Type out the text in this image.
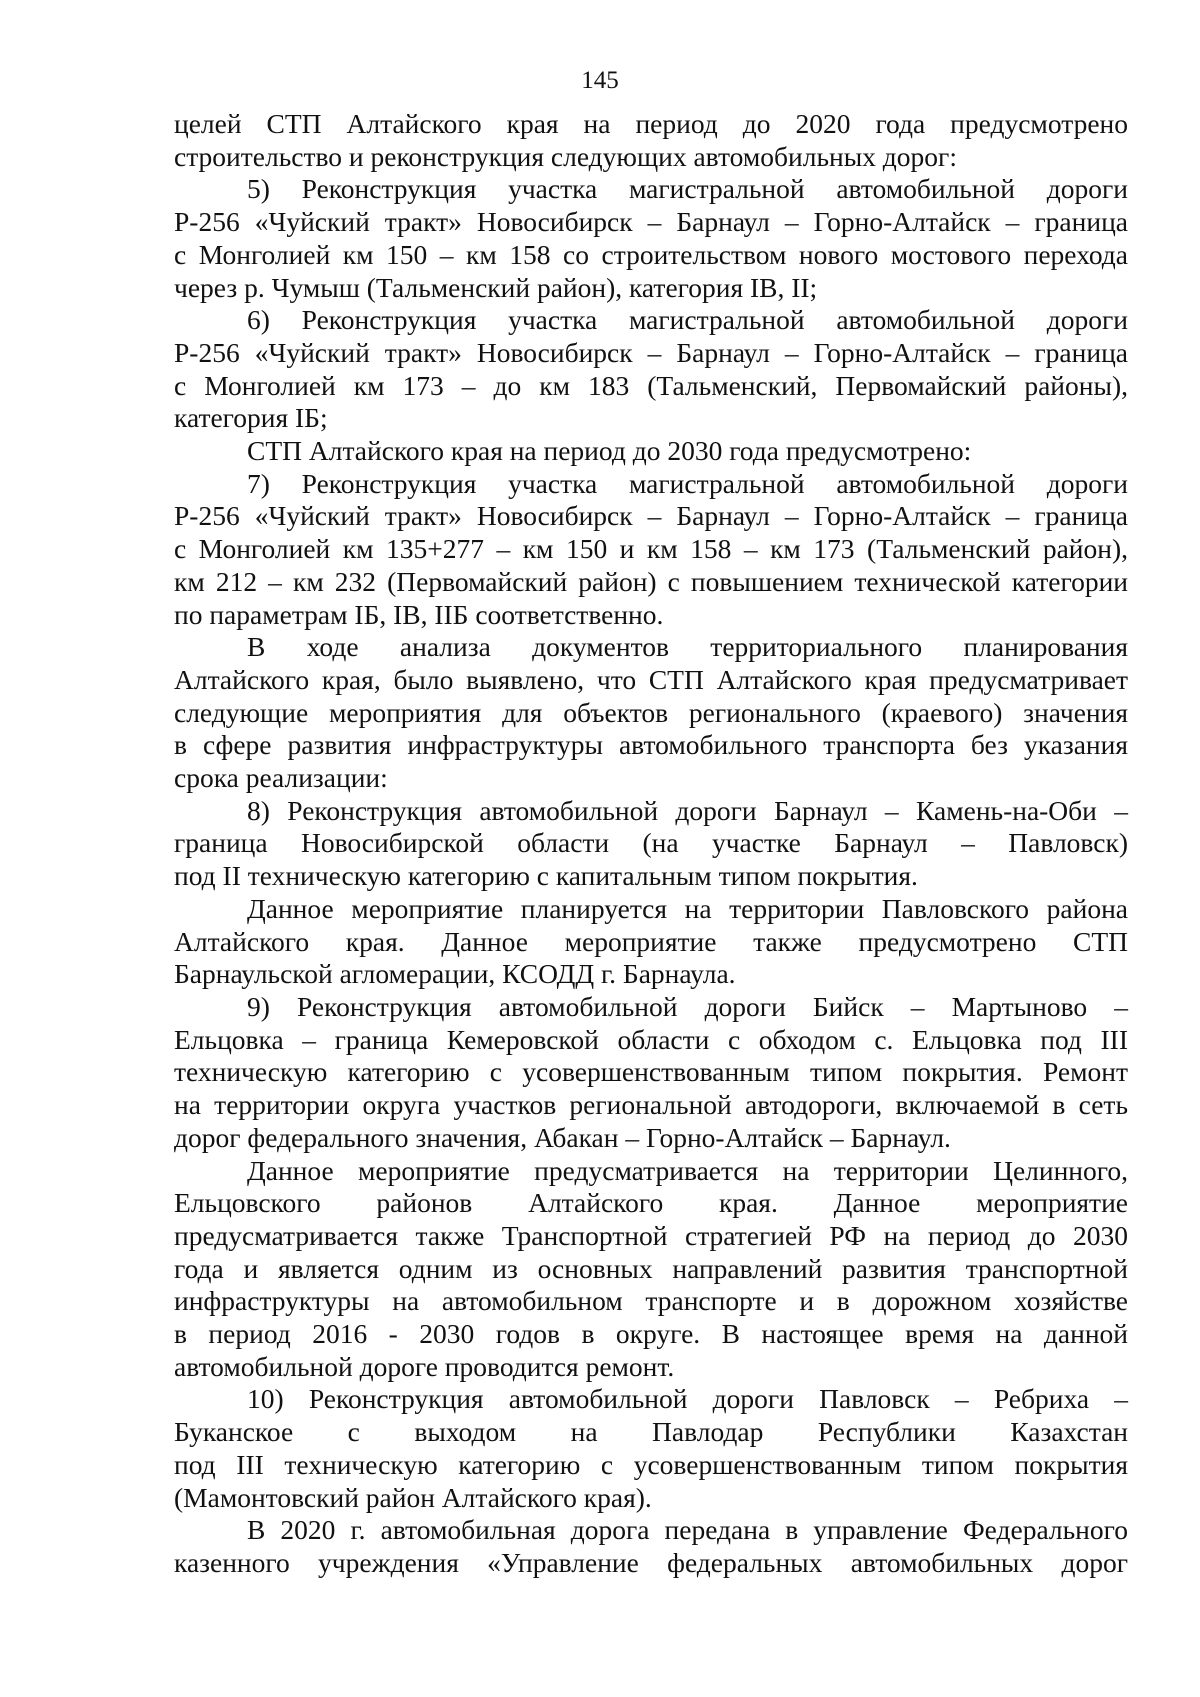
145
целей СТП Алтайского края на период до 2020 года предусмотрено
строительство и реконструкция следующих автомобильных дорог:
5) Реконструкция участка магистральной автомобильной дороги
Р-256 «Чуйский тракт» Новосибирск – Барнаул – Горно-Алтайск – граница
с Монголией км 150 – км 158 со строительством нового мостового перехода
через р. Чумыш (Тальменский район), категория IВ, II;
6) Реконструкция участка магистральной автомобильной дороги
Р-256 «Чуйский тракт» Новосибирск – Барнаул – Горно-Алтайск – граница
с Монголией км 173 – до км 183 (Тальменский, Первомайский районы),
категория IБ;
СТП Алтайского края на период до 2030 года предусмотрено:
7) Реконструкция участка магистральной автомобильной дороги
Р-256 «Чуйский тракт» Новосибирск – Барнаул – Горно-Алтайск – граница
с Монголией км 135+277 – км 150 и км 158 – км 173 (Тальменский район),
км 212 – км 232 (Первомайский район) с повышением технической категории
по параметрам IБ, IВ, IIБ соответственно.
В ходе анализа документов территориального планирования
Алтайского края, было выявлено, что СТП Алтайского края предусматривает
следующие мероприятия для объектов регионального (краевого) значения
в сфере развития инфраструктуры автомобильного транспорта без указания
срока реализации:
8) Реконструкция автомобильной дороги Барнаул – Камень-на-Оби –
граница Новосибирской области (на участке Барнаул – Павловск)
под II техническую категорию с капитальным типом покрытия.
Данное мероприятие планируется на территории Павловского района
Алтайского края. Данное мероприятие также предусмотрено СТП
Барнаульской агломерации, КСОДД г. Барнаула.
9) Реконструкция автомобильной дороги Бийск – Мартыново –
Ельцовка – граница Кемеровской области с обходом с. Ельцовка под III
техническую категорию с усовершенствованным типом покрытия. Ремонт
на территории округа участков региональной автодороги, включаемой в сеть
дорог федерального значения, Абакан – Горно-Алтайск – Барнаул.
Данное мероприятие предусматривается на территории Целинного,
Ельцовского районов Алтайского края. Данное мероприятие
предусматривается также Транспортной стратегией РФ на период до 2030
года и является одним из основных направлений развития транспортной
инфраструктуры на автомобильном транспорте и в дорожном хозяйстве
в период 2016 - 2030 годов в округе. В настоящее время на данной
автомобильной дороге проводится ремонт.
10) Реконструкция автомобильной дороги Павловск – Ребриха –
Буканское с выходом на Павлодар Республики Казахстан
под III техническую категорию с усовершенствованным типом покрытия
(Мамонтовский район Алтайского края).
В 2020 г. автомобильная дорога передана в управление Федерального
казенного учреждения «Управление федеральных автомобильных дорог
